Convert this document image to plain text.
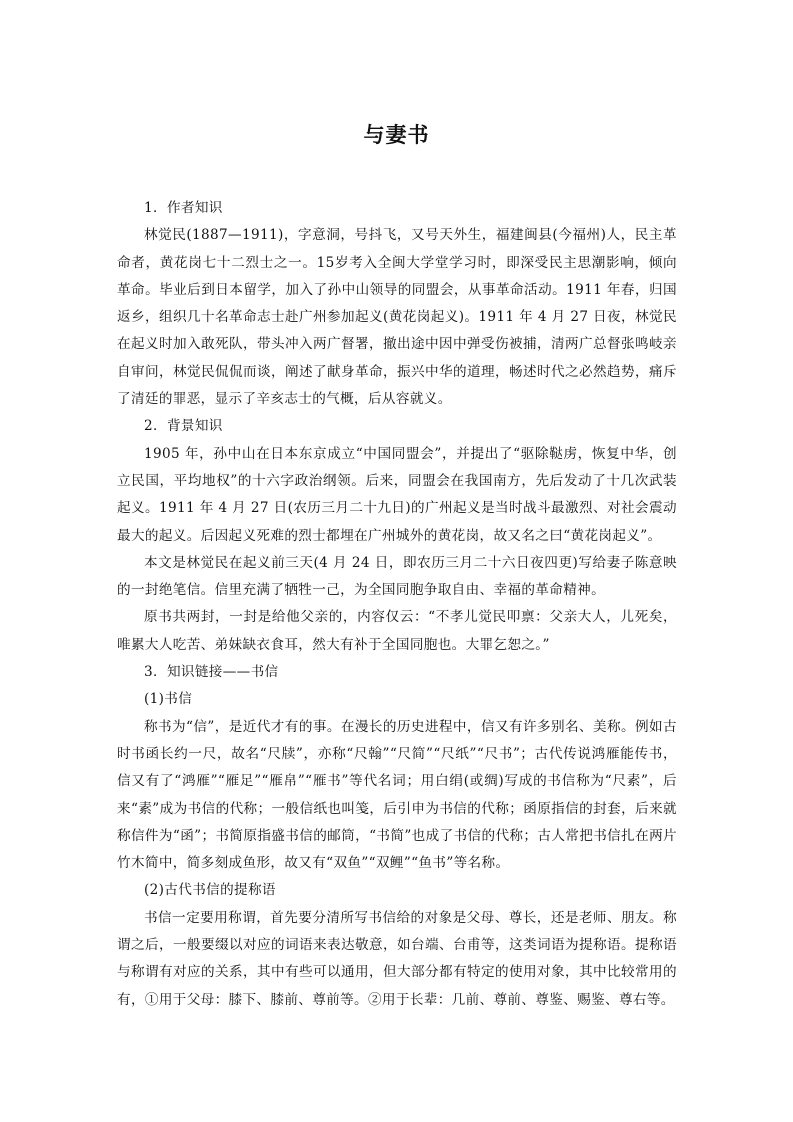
与妻书

1．作者知识

林觉民(1887—1911)，字意洞，号抖飞，又号天外生，福建闽县(今福州)人，民主革命者，黄花岗七十二烈士之一。15岁考入全闽大学堂学习时，即深受民主思潮影响，倾向革命。毕业后到日本留学，加入了孙中山领导的同盟会，从事革命活动。1911 年春，归国返乡，组织几十名革命志士赴广州参加起义(黄花岗起义)。1911 年 4 月 27 日夜，林觉民在起义时加入敢死队，带头冲入两广督署，撤出途中因中弹受伤被捕，清两广总督张鸣岐亲自审问，林觉民侃侃而谈，阐述了献身革命，振兴中华的道理，畅述时代之必然趋势，痛斥了清廷的罪恶，显示了辛亥志士的气概，后从容就义。

2．背景知识

1905 年，孙中山在日本东京成立“中国同盟会”，并提出了“驱除鞑虏，恢复中华，创立民国，平均地权”的十六字政治纲领。后来，同盟会在我国南方，先后发动了十几次武装起义。1911 年 4 月 27 日(农历三月二十九日)的广州起义是当时战斗最激烈、对社会震动最大的起义。后因起义死难的烈士都埋在广州城外的黄花岗，故又名之曰“黄花岗起义”。

本文是林觉民在起义前三天(4 月 24 日，即农历三月二十六日夜四更)写给妻子陈意映的一封绝笔信。信里充满了牺牲一己，为全国同胞争取自由、幸福的革命精神。

原书共两封，一封是给他父亲的，内容仅云：“不孝儿觉民叩禀：父亲大人，儿死矣，唯累大人吃苦、弟妹缺衣食耳，然大有补于全国同胞也。大罪乞恕之。”

3．知识链接——书信

(1)书信

称书为“信”，是近代才有的事。在漫长的历史进程中，信又有许多别名、美称。例如古时书函长约一尺，故名“尺牍”，亦称“尺翰”“尺简”“尺纸”“尺书”；古代传说鸿雁能传书，信又有了“鸿雁”“雁足”“雁帛”“雁书”等代名词；用白绢(或绸)写成的书信称为“尺素”，后来“素”成为书信的代称；一般信纸也叫笺，后引申为书信的代称；函原指信的封套，后来就称信件为“函”；书简原指盛书信的邮筒，“书简”也成了书信的代称；古人常把书信扎在两片竹木简中，简多刻成鱼形，故又有“双鱼”“双鲤”“鱼书”等名称。

(2)古代书信的提称语

书信一定要用称谓，首先要分清所写书信给的对象是父母、尊长，还是老师、朋友。称谓之后，一般要缀以对应的词语来表达敬意，如台端、台甫等，这类词语为提称语。提称语与称谓有对应的关系，其中有些可以通用，但大部分都有特定的使用对象，其中比较常用的有，①用于父母：膝下、膝前、尊前等。②用于长辈：几前、尊前、尊鉴、赐鉴、尊右等。
